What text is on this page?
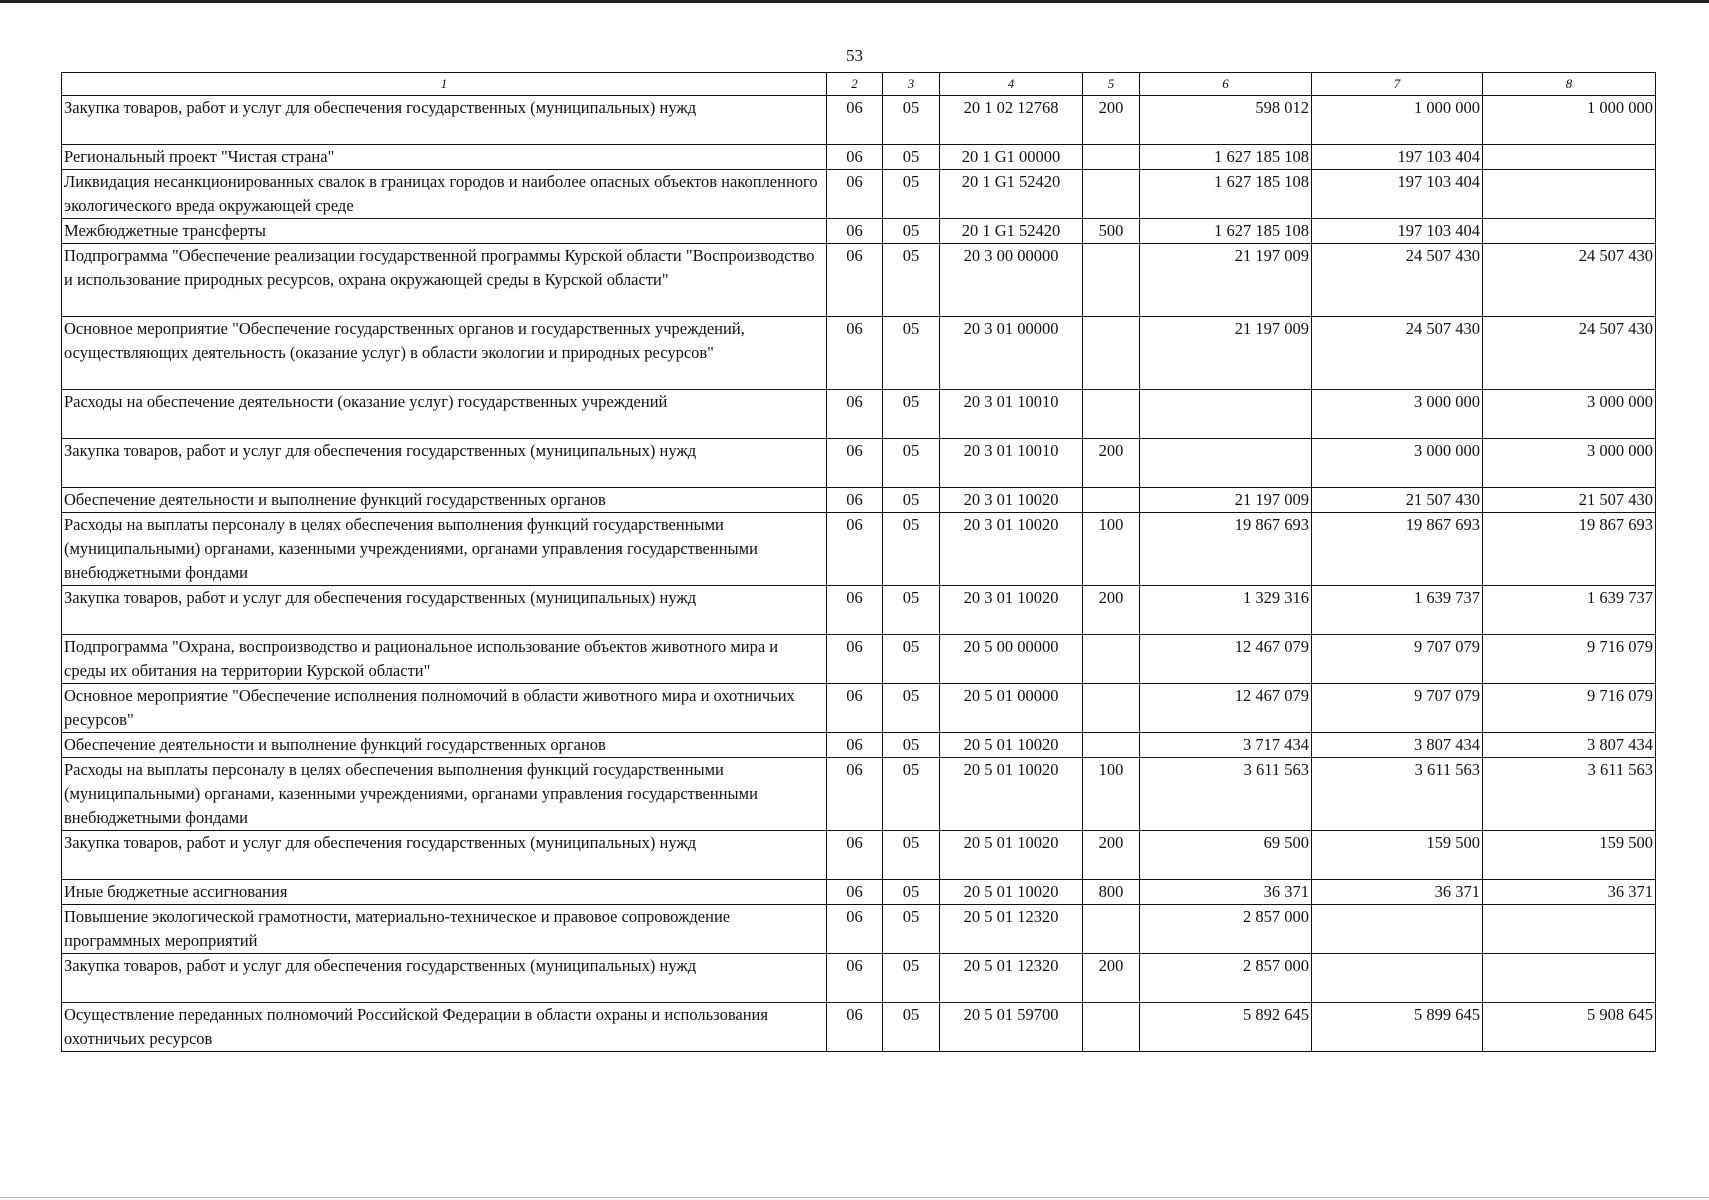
53
1	2	3	4	5	6	7	8
Закупка товаров, работ и услуг для обеспечения государственных (муниципальных) нужд	06	05	20 1 02 12768	200	598 012	1 000 000	1 000 000
Региональный проект "Чистая страна"	06	05	20 1 G1 00000		1 627 185 108	197 103 404	
Ликвидация несанкционированных свалок в границах городов и наиболее опасных объектов накопленного экологического вреда окружающей среде	06	05	20 1 G1 52420		1 627 185 108	197 103 404	
Межбюджетные трансферты	06	05	20 1 G1 52420	500	1 627 185 108	197 103 404	
Подпрограмма "Обеспечение реализации государственной программы Курской области "Воспроизводство и использование природных ресурсов, охрана окружающей среды в Курской области"	06	05	20 3 00 00000		21 197 009	24 507 430	24 507 430
Основное мероприятие "Обеспечение государственных органов и государственных учреждений, осуществляющих деятельность (оказание услуг) в области экологии и природных ресурсов"	06	05	20 3 01 00000		21 197 009	24 507 430	24 507 430
Расходы на обеспечение деятельности (оказание услуг) государственных учреждений	06	05	20 3 01 10010			3 000 000	3 000 000
Закупка товаров, работ и услуг для обеспечения государственных (муниципальных) нужд	06	05	20 3 01 10010	200		3 000 000	3 000 000
Обеспечение деятельности и выполнение функций государственных органов	06	05	20 3 01 10020		21 197 009	21 507 430	21 507 430
Расходы на выплаты персоналу в целях обеспечения выполнения функций государственными (муниципальными) органами, казенными учреждениями, органами управления государственными внебюджетными фондами	06	05	20 3 01 10020	100	19 867 693	19 867 693	19 867 693
Закупка товаров, работ и услуг для обеспечения государственных (муниципальных) нужд	06	05	20 3 01 10020	200	1 329 316	1 639 737	1 639 737
Подпрограмма "Охрана, воспроизводство и рациональное использование объектов животного мира и среды их обитания на территории Курской области"	06	05	20 5 00 00000		12 467 079	9 707 079	9 716 079
Основное мероприятие "Обеспечение исполнения полномочий в области животного мира и охотничьих ресурсов"	06	05	20 5 01 00000		12 467 079	9 707 079	9 716 079
Обеспечение деятельности и выполнение функций государственных органов	06	05	20 5 01 10020		3 717 434	3 807 434	3 807 434
Расходы на выплаты персоналу в целях обеспечения выполнения функций государственными (муниципальными) органами, казенными учреждениями, органами управления государственными внебюджетными фондами	06	05	20 5 01 10020	100	3 611 563	3 611 563	3 611 563
Закупка товаров, работ и услуг для обеспечения государственных (муниципальных) нужд	06	05	20 5 01 10020	200	69 500	159 500	159 500
Иные бюджетные ассигнования	06	05	20 5 01 10020	800	36 371	36 371	36 371
Повышение экологической грамотности, материально-техническое и правовое сопровождение программных мероприятий	06	05	20 5 01 12320		2 857 000		
Закупка товаров, работ и услуг для обеспечения государственных (муниципальных) нужд	06	05	20 5 01 12320	200	2 857 000		
Осуществление переданных полномочий Российской Федерации в области охраны и использования охотничьих ресурсов	06	05	20 5 01 59700		5 892 645	5 899 645	5 908 645
